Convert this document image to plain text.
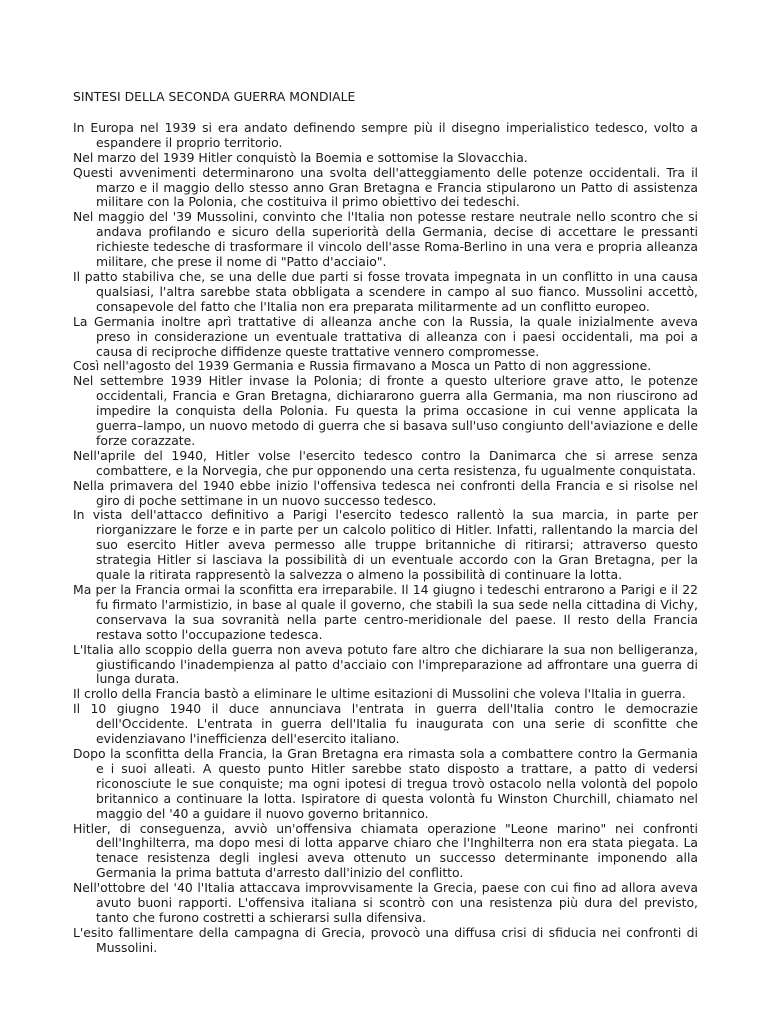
SINTESI DELLA SECONDA GUERRA MONDIALE

In Europa nel 1939 si era andato definendo sempre più il disegno imperialistico tedesco, volto a espandere il proprio territorio.

Nel marzo del 1939 Hitler conquistò la Boemia e sottomise la Slovacchia.

Questi avvenimenti determinarono una svolta dell'atteggiamento delle potenze occidentali. Tra il marzo e il maggio dello stesso anno Gran Bretagna e Francia stipularono un Patto di assistenza militare con la Polonia, che costituiva il primo obiettivo dei tedeschi.

Nel maggio del '39 Mussolini, convinto che l'Italia non potesse restare neutrale nello scontro che si andava profilando e sicuro della superiorità della Germania, decise di accettare le pressanti richieste tedesche di trasformare il vincolo dell'asse Roma-Berlino in una vera e propria alleanza militare, che prese il nome di "Patto d'acciaio".

Il patto stabiliva che, se una delle due parti si fosse trovata impegnata in un conflitto in una causa qualsiasi, l'altra sarebbe stata obbligata a scendere in campo al suo fianco. Mussolini accettò, consapevole del fatto che l'Italia non era preparata militarmente ad un conflitto europeo.

La Germania inoltre aprì trattative di alleanza anche con la Russia, la quale inizialmente aveva preso in considerazione un eventuale trattativa di alleanza con i paesi occidentali, ma poi a causa di reciproche diffidenze queste trattative vennero compromesse.

Così nell'agosto del 1939 Germania e Russia firmavano a Mosca un Patto di non aggressione.

Nel settembre 1939 Hitler invase la Polonia; di fronte a questo ulteriore grave atto, le potenze occidentali, Francia e Gran Bretagna, dichiararono guerra alla Germania, ma non riuscirono ad impedire la conquista della Polonia. Fu questa la prima occasione in cui venne applicata la guerra–lampo, un nuovo metodo di guerra che si basava sull'uso congiunto dell'aviazione e delle forze corazzate.

Nell'aprile del 1940, Hitler volse l'esercito tedesco contro la Danimarca che si arrese senza combattere, e la Norvegia, che pur opponendo una certa resistenza, fu ugualmente conquistata.

Nella primavera del 1940 ebbe inizio l'offensiva tedesca nei confronti della Francia e si risolse nel giro di poche settimane in un nuovo successo tedesco.

In vista dell'attacco definitivo a Parigi l'esercito tedesco rallentò la sua marcia, in parte per riorganizzare le forze e in parte per un calcolo politico di Hitler. Infatti, rallentando la marcia del suo esercito Hitler aveva permesso alle truppe britanniche di ritirarsi; attraverso questo strategia Hitler si lasciava la possibilità di un eventuale accordo con la Gran Bretagna, per la quale la ritirata rappresentò la salvezza o almeno la possibilità di continuare la lotta.

Ma per la Francia ormai la sconfitta era irreparabile. Il 14 giugno i tedeschi entrarono a Parigi e il 22 fu firmato l'armistizio, in base al quale il governo, che stabilì la sua sede nella cittadina di Vichy, conservava la sua sovranità nella parte centro-meridionale del paese. Il resto della Francia restava sotto l'occupazione tedesca.

L'Italia allo scoppio della guerra non aveva potuto fare altro che dichiarare la sua non belligeranza, giustificando l'inadempienza al patto d'acciaio con l'impreparazione ad affrontare una guerra di lunga durata.

Il crollo della Francia bastò a eliminare le ultime esitazioni di Mussolini che voleva l'Italia in guerra.

Il 10 giugno 1940 il duce annunciava l'entrata in guerra dell'Italia contro le democrazie dell'Occidente. L'entrata in guerra dell'Italia fu inaugurata con una serie di sconfitte che evidenziavano l'inefficienza dell'esercito italiano.

Dopo la sconfitta della Francia, la Gran Bretagna era rimasta sola a combattere contro la Germania e i suoi alleati. A questo punto Hitler sarebbe stato disposto a trattare, a patto di vedersi riconosciute le sue conquiste; ma ogni ipotesi di tregua trovò ostacolo nella volontà del popolo britannico a continuare la lotta. Ispiratore di questa volontà fu Winston Churchill, chiamato nel maggio del '40 a guidare il nuovo governo britannico.

Hitler, di conseguenza, avviò un'offensiva chiamata operazione "Leone marino" nei confronti dell'Inghilterra, ma dopo mesi di lotta apparve chiaro che l'Inghilterra non era stata piegata. La tenace resistenza degli inglesi aveva ottenuto un successo determinante imponendo alla Germania la prima battuta d'arresto dall'inizio del conflitto.

Nell'ottobre del '40 l'Italia attaccava improvvisamente la Grecia, paese con cui fino ad allora aveva avuto buoni rapporti. L'offensiva italiana si scontrò con una resistenza più dura del previsto, tanto che furono costretti a schierarsi sulla difensiva.

L'esito fallimentare della campagna di Grecia, provocò una diffusa crisi di sfiducia nei confronti di Mussolini.
